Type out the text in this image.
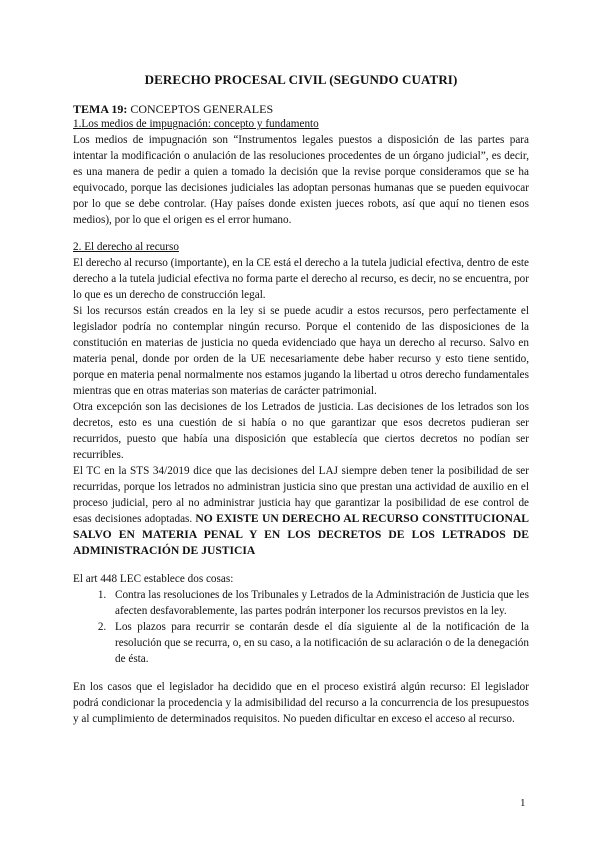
DERECHO PROCESAL CIVIL (SEGUNDO CUATRI)
TEMA 19: CONCEPTOS GENERALES
1.Los medios de impugnación: concepto y fundamento

Los medios de impugnación son “Instrumentos legales puestos a disposición de las partes para intentar la modificación o anulación de las resoluciones procedentes de un órgano judicial”, es decir, es una manera de pedir a quien a tomado la decisión que la revise porque consideramos que se ha equivocado, porque las decisiones judiciales las adoptan personas humanas que se pueden equivocar por lo que se debe controlar. (Hay países donde existen jueces robots, así que aquí no tienen esos medios), por lo que el origen es el error humano.

2. El derecho al recurso

El derecho al recurso (importante), en la CE está el derecho a la tutela judicial efectiva, dentro de este derecho a la tutela judicial efectiva no forma parte el derecho al recurso, es decir, no se encuentra, por lo que es un derecho de construcción legal.

Si los recursos están creados en la ley si se puede acudir a estos recursos, pero perfectamente el legislador podría no contemplar ningún recurso. Porque el contenido de las disposiciones de la constitución en materias de justicia no queda evidenciado que haya un derecho al recurso. Salvo en materia penal, donde por orden de la UE necesariamente debe haber recurso y esto tiene sentido, porque en materia penal normalmente nos estamos jugando la libertad u otros derecho fundamentales mientras que en otras materias son materias de carácter patrimonial.

Otra excepción son las decisiones de los Letrados de justicia. Las decisiones de los letrados son los decretos, esto es una cuestión de si había o no que garantizar que esos decretos pudieran ser recurridos, puesto que había una disposición que establecía que ciertos decretos no podían ser recurribles.

El TC en la STS 34/2019 dice que las decisiones del LAJ siempre deben tener la posibilidad de ser recurridas, porque los letrados no administran justicia sino que prestan una actividad de auxilio en el proceso judicial, pero al no administrar justicia hay que garantizar la posibilidad de ese control de esas decisiones adoptadas. NO EXISTE UN DERECHO AL RECURSO CONSTITUCIONAL SALVO EN MATERIA PENAL Y EN LOS DECRETOS DE LOS LETRADOS DE ADMINISTRACIÓN DE JUSTICIA

El art 448 LEC establece dos cosas:

1. Contra las resoluciones de los Tribunales y Letrados de la Administración de Justicia que les afecten desfavorablemente, las partes podrán interponer los recursos previstos en la ley.
2. Los plazos para recurrir se contarán desde el día siguiente al de la notificación de la resolución que se recurra, o, en su caso, a la notificación de su aclaración o de la denegación de ésta.

En los casos que el legislador ha decidido que en el proceso existirá algún recurso: El legislador podrá condicionar la procedencia y la admisibilidad del recurso a la concurrencia de los presupuestos y al cumplimiento de determinados requisitos. No pueden dificultar en exceso el acceso al recurso.

1
